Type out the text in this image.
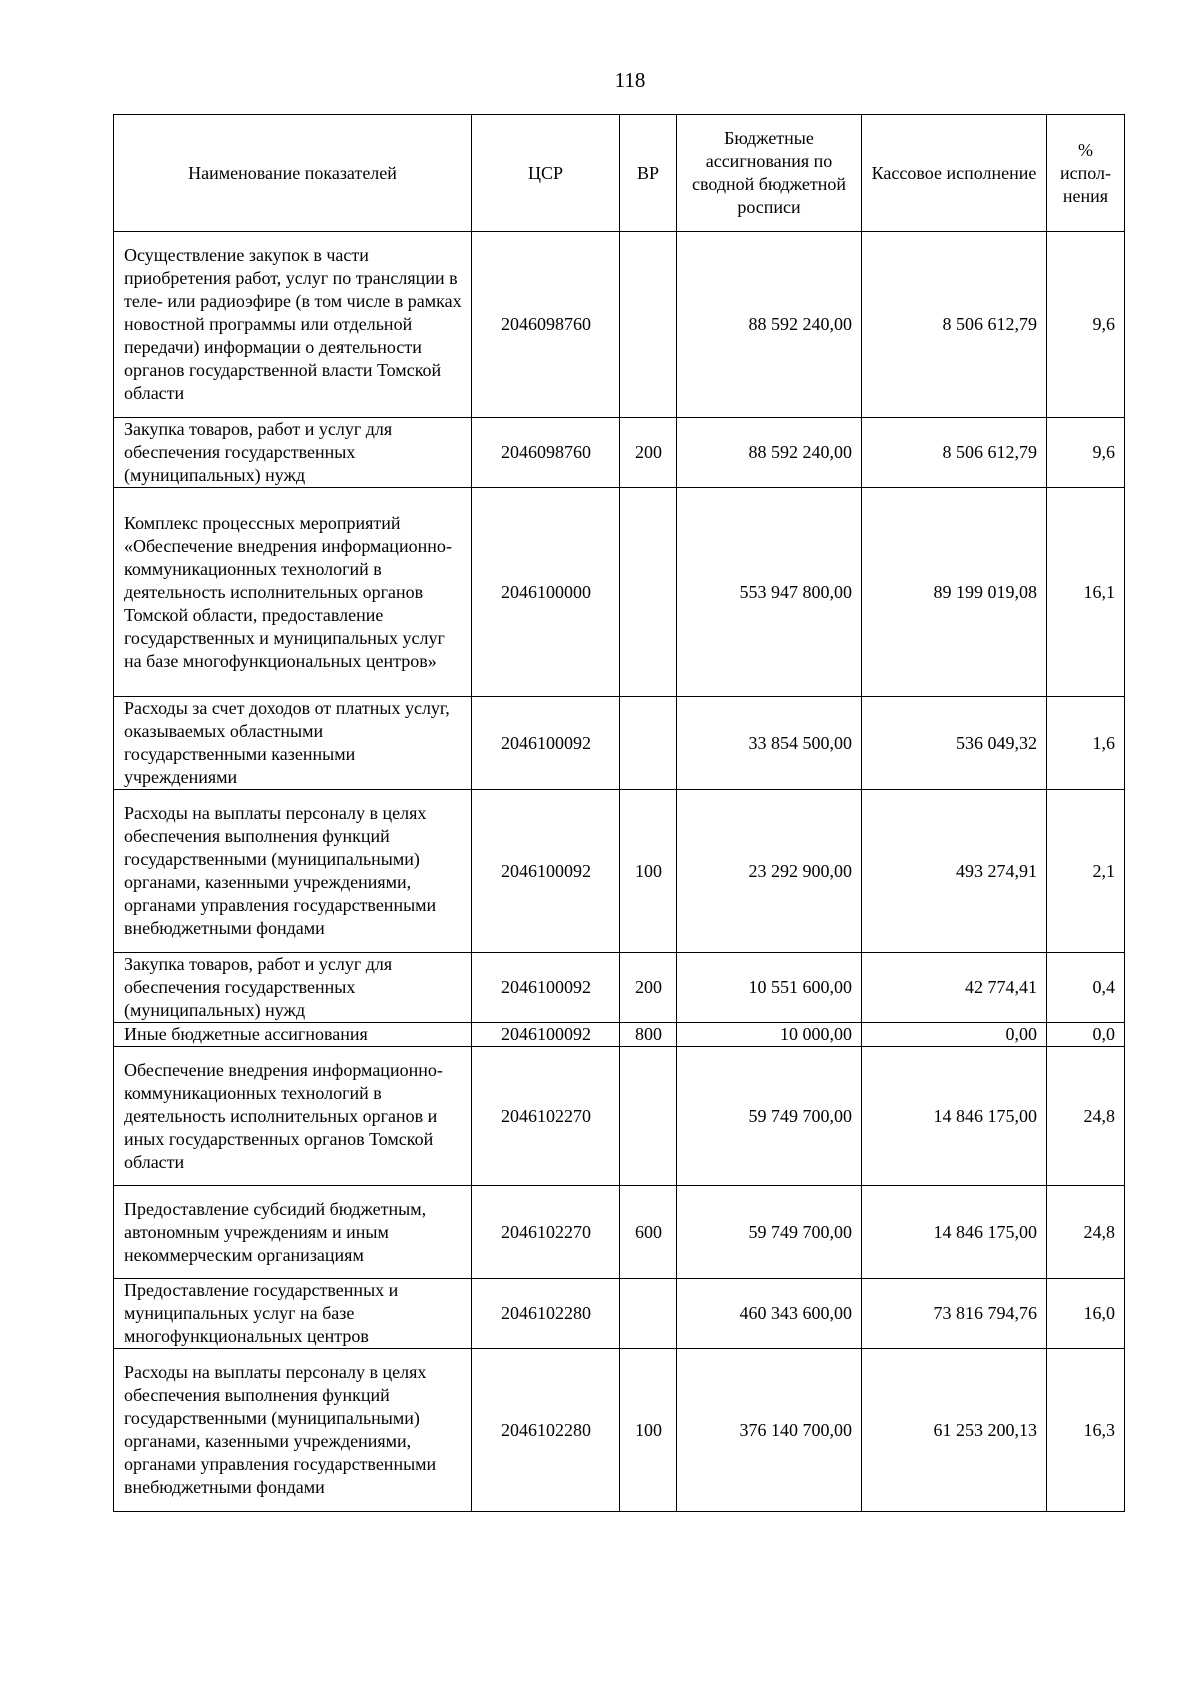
118
Наименование показателей	ЦСР	ВР	Бюджетные ассигнования по сводной бюджетной росписи	Кассовое исполнение	% испол-нения
Осуществление закупок в части приобретения работ, услуг по трансляции в теле- или радиоэфире (в том числе в рамках новостной программы или отдельной передачи) информации о деятельности органов государственной власти Томской области	2046098760		88 592 240,00	8 506 612,79	9,6
Закупка товаров, работ и услуг для обеспечения государственных (муниципальных) нужд	2046098760	200	88 592 240,00	8 506 612,79	9,6
Комплекс процессных мероприятий «Обеспечение внедрения информационно-коммуникационных технологий в деятельность исполнительных органов Томской области, предоставление государственных и муниципальных услуг на базе многофункциональных центров»	2046100000		553 947 800,00	89 199 019,08	16,1
Расходы за счет доходов от платных услуг, оказываемых областными государственными казенными учреждениями	2046100092		33 854 500,00	536 049,32	1,6
Расходы на выплаты персоналу в целях обеспечения выполнения функций государственными (муниципальными) органами, казенными учреждениями, органами управления государственными внебюджетными фондами	2046100092	100	23 292 900,00	493 274,91	2,1
Закупка товаров, работ и услуг для обеспечения государственных (муниципальных) нужд	2046100092	200	10 551 600,00	42 774,41	0,4
Иные бюджетные ассигнования	2046100092	800	10 000,00	0,00	0,0
Обеспечение внедрения информационно-коммуникационных технологий в деятельность исполнительных органов и иных государственных органов Томской области	2046102270		59 749 700,00	14 846 175,00	24,8
Предоставление субсидий бюджетным, автономным учреждениям и иным некоммерческим организациям	2046102270	600	59 749 700,00	14 846 175,00	24,8
Предоставление государственных и муниципальных услуг на базе многофункциональных центров	2046102280		460 343 600,00	73 816 794,76	16,0
Расходы на выплаты персоналу в целях обеспечения выполнения функций государственными (муниципальными) органами, казенными учреждениями, органами управления государственными внебюджетными фондами	2046102280	100	376 140 700,00	61 253 200,13	16,3
